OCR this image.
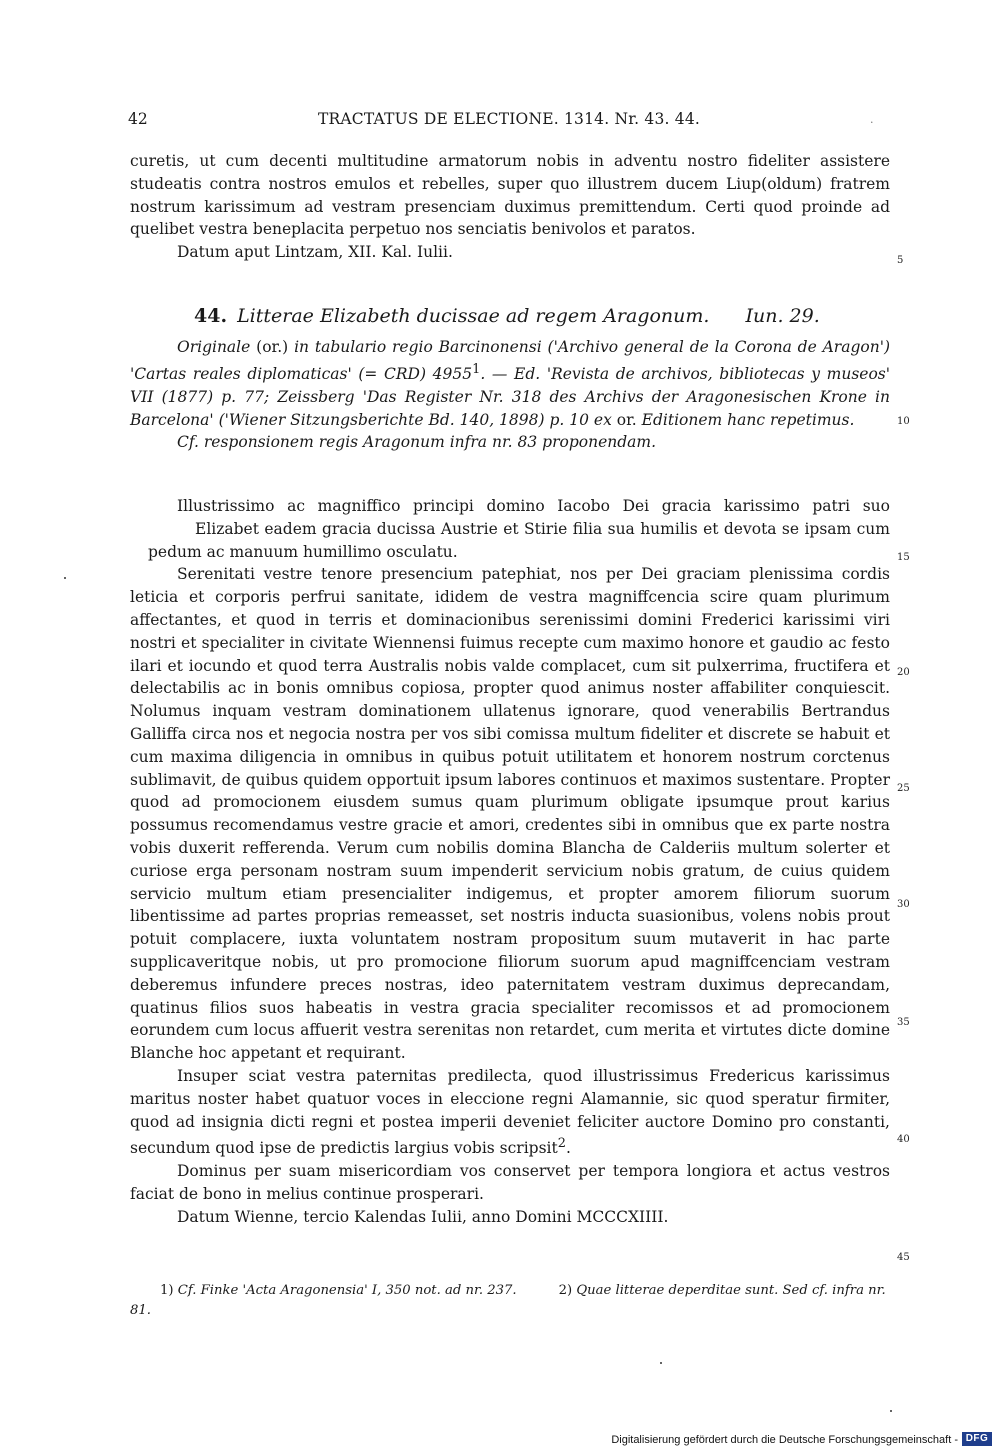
42	TRACTATUS DE ELECTIONE. 1314. Nr. 43. 44.	.

curetis, ut cum decenti multitudine armatorum nobis in adventu nostro fideliter assistere studeatis contra nostros emulos et rebelles, super quo illustrem ducem Liup(oldum) fratrem nostrum karissimum ad vestram presenciam duximus premittendum. Certi quod proinde ad quelibet vestra beneplacita perpetuo nos senciatis benivolos et paratos.

Datum aput Lintzam, XII. Kal. Iulii.

44. Litterae Elizabeth ducissae ad regem Aragonum. Iun. 29.

Originale (or.) in tabulario regio Barcinonensi ('Archivo general de la Corona de Aragon') 'Cartas reales diplomaticas' (= CRD) 4955$^1$. — Ed. 'Revista de archivos, bibliotecas y museos' VII (1877) p. 77; Zeissberg 'Das Register Nr. 318 des Archivs der Aragonesischen Krone in Barcelona' ('Wiener Sitzungsberichte Bd. 140, 1898) p. 10 ex or. Editionem hanc repetimus.

Cf. responsionem regis Aragonum infra nr. 83 proponendam.

Illustrissimo ac magniffico principi domino Iacobo Dei gracia karissimo patri suoElizabet eadem gracia ducissa Austrie et Stirie filia sua humilis et devota se ipsam cum pedum ac manuum humillimo osculatu.

Serenitati vestre tenore presencium patephiat, nos per Dei graciam plenissima cordis leticia et corporis perfrui sanitate, ididem de vestra magniffcencia scire quam plurimum affectantes, et quod in terris et dominacionibus serenissimi domini Frederici karissimi viri nostri et specialiter in civitate Wiennensi fuimus recepte cum maximo honore et gaudio ac festo ilari et iocundo et quod terra Australis nobis valde complacet, cum sit pulxerrima, fructifera et delectabilis ac in bonis omnibus copiosa, propter quod animus noster affabiliter conquiescit. Nolumus inquam vestram dominationem ullatenus ignorare, quod venerabilis Bertrandus Galliffa circa nos et negocia nostra per vos sibi comissa multum fideliter et discrete se habuit et cum maxima diligencia in omnibus in quibus potuit utilitatem et honorem nostrum corctenus sublimavit, de quibus quidem opportuit ipsum labores continuos et maximos sustentare. Propter quod ad promocionem eiusdem sumus quam plurimum obligate ipsumque prout karius possumus recomendamus vestre gracie et amori, credentes sibi in omnibus que ex parte nostra vobis duxerit refferenda. Verum cum nobilis domina Blancha de Calderiis multum solerter et curiose erga personam nostram suum impenderit servicium nobis gratum, de cuius quidem servicio multum etiam presencialiter indigemus, et propter amorem filiorum suorum libentissime ad partes proprias remeasset, set nostris inducta suasionibus, volens nobis prout potuit complacere, iuxta voluntatem nostram propositum suum mutaverit in hac parte supplicaveritque nobis, ut pro promocione filiorum suorum apud magniffcenciam vestram deberemus infundere preces nostras, ideo paternitatem vestram duximus deprecandam, quatinus filios suos habeatis in vestra gracia specialiter recomissos et ad promocionem eorundem cum locus affuerit vestra serenitas non retardet, cum merita et virtutes dicte domine Blanche hoc appetant et requirant.

Insuper sciat vestra paternitas predilecta, quod illustrissimus Fredericus karissimus maritus noster habet quatuor voces in eleccione regni Alamannie, sic quod speratur firmiter, quod ad insignia dicti regni et postea imperii deveniet feliciter auctore Domino pro constanti, secundum quod ipse de predictis largius vobis scripsit$^2$.

Dominus per suam misericordiam vos conservet per tempora longiora et actus vestros faciat de bono in melius continue prosperari.

Datum Wienne, tercio Kalendas Iulii, anno Domini MCCCXIIII.

5
10
15
20
25
30
35
40
45

1) Cf. Finke 'Acta Aragonensia' I, 350 not. ad nr. 237.	2) Quae litterae deperditae sunt. Sed cf. infra nr. 81.

Digitalisierung gefördert durch die Deutsche Forschungsgemeinschaft - DFG
